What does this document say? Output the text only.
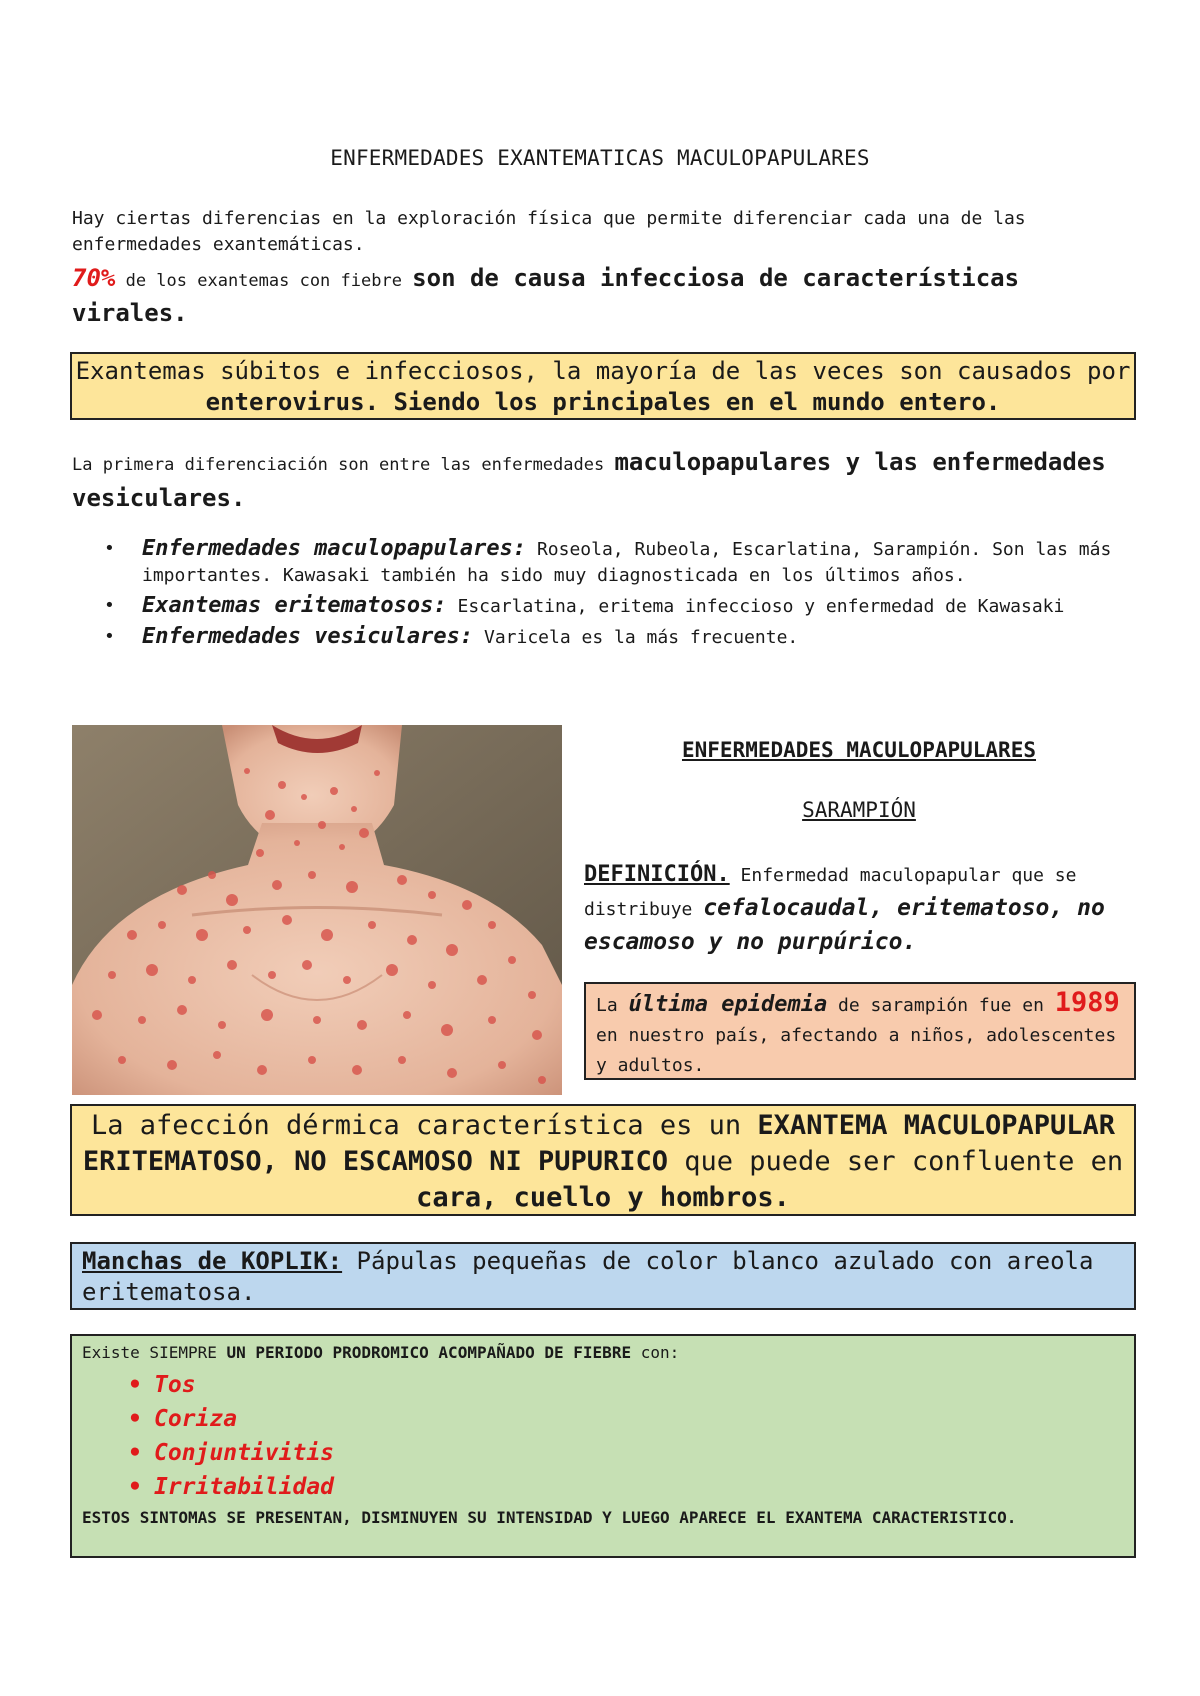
ENFERMEDADES EXANTEMATICAS MACULOPAPULARES
Hay ciertas diferencias en la exploración física que permite diferenciar cada una de las enfermedades exantemáticas.
70% de los exantemas con fiebre son de causa infecciosa de características virales.
Exantemas súbitos e infecciosos, la mayoría de las veces son causados por enterovirus. Siendo los principales en el mundo entero.
La primera diferenciación son entre las enfermedades maculopapulares y las enfermedades vesiculares.
• Enfermedades maculopapulares: Roseola, Rubeola, Escarlatina, Sarampión. Son las más importantes. Kawasaki también ha sido muy diagnosticada en los últimos años.
• Exantemas eritematosos: Escarlatina, eritema infeccioso y enfermedad de Kawasaki
• Enfermedades vesiculares: Varicela es la más frecuente.
ENFERMEDADES MACULOPAPULARES
SARAMPIÓN
DEFINICIÓN. Enfermedad maculopapular que se distribuye cefalocaudal, eritematoso, no escamoso y no purpúrico.
La última epidemia de sarampión fue en 1989 en nuestro país, afectando a niños, adolescentes y adultos.
La afección dérmica característica es un EXANTEMA MACULOPAPULAR ERITEMATOSO, NO ESCAMOSO NI PUPURICO que puede ser confluente en cara, cuello y hombros.
Manchas de KOPLIK: Pápulas pequeñas de color blanco azulado con areola eritematosa.
Existe SIEMPRE UN PERIODO PRODROMICO ACOMPAÑADO DE FIEBRE con:
• Tos
• Coriza
• Conjuntivitis
• Irritabilidad
ESTOS SINTOMAS SE PRESENTAN, DISMINUYEN SU INTENSIDAD Y LUEGO APARECE EL EXANTEMA CARACTERISTICO.
